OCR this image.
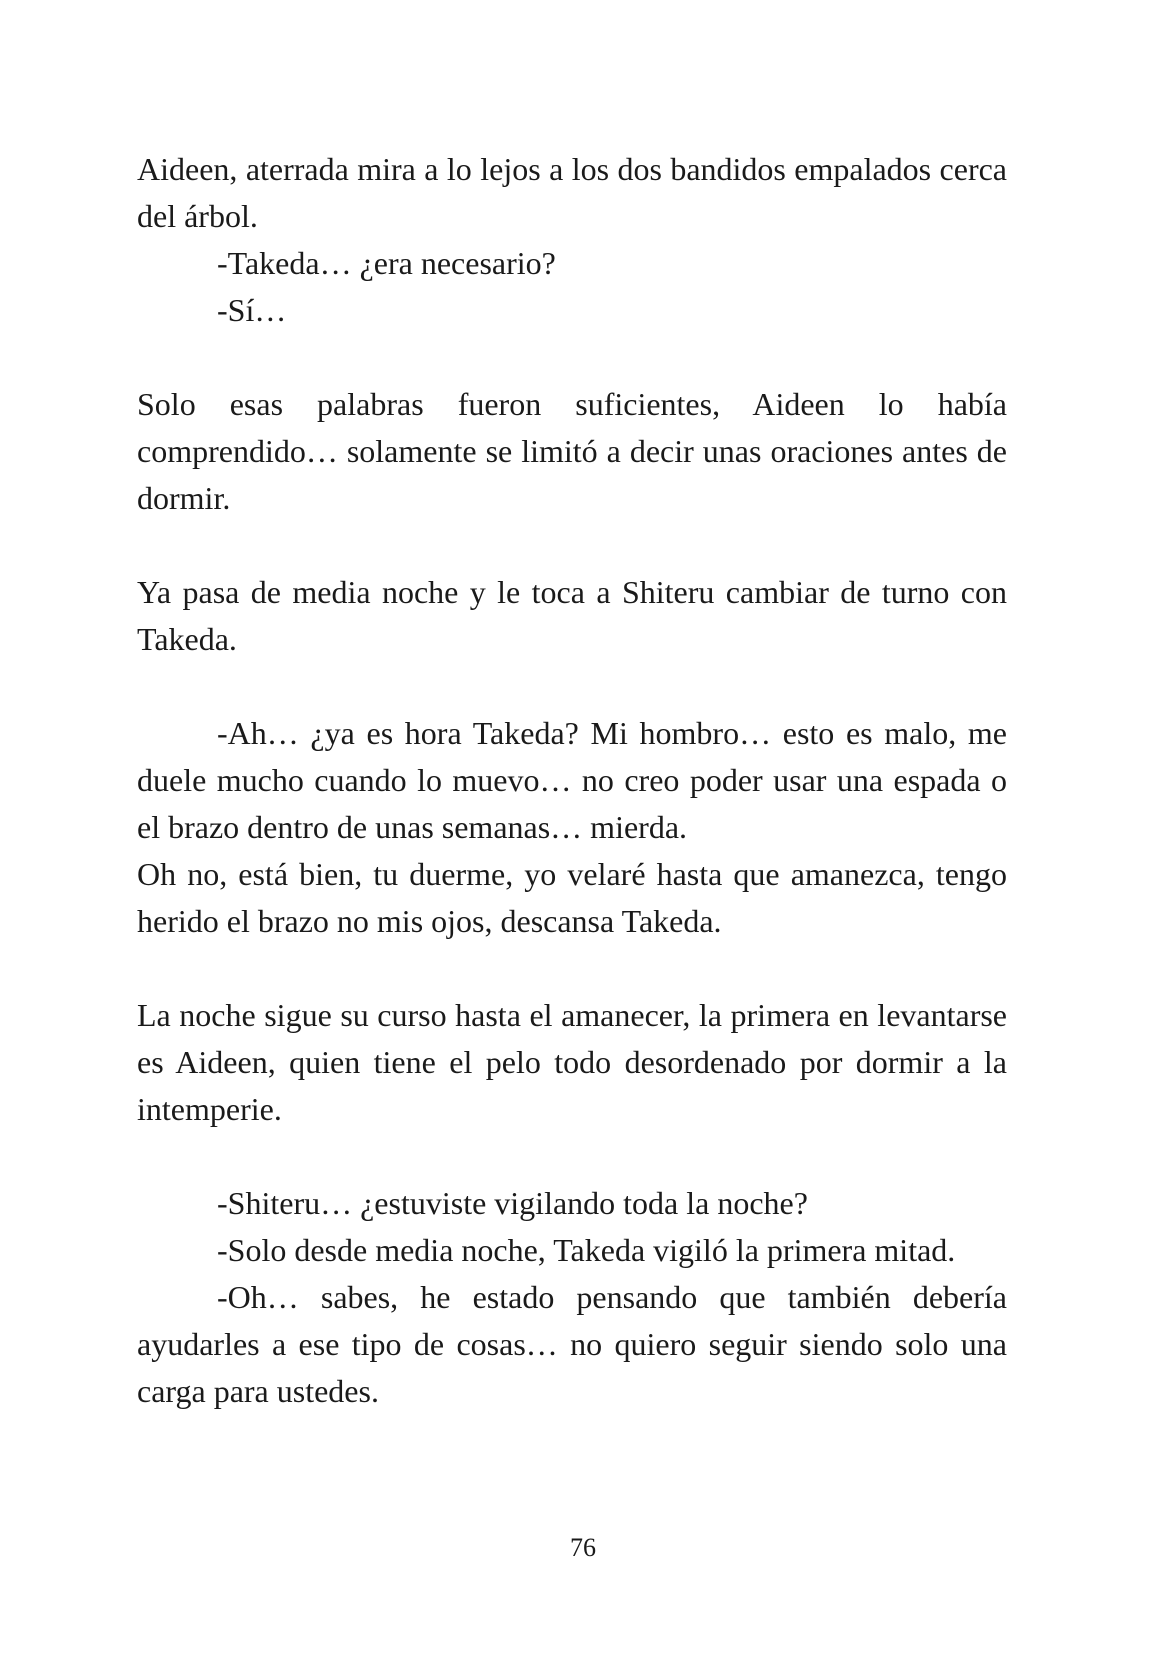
Aideen, aterrada mira a lo lejos a los dos bandidos empalados cerca del árbol.

-Takeda… ¿era necesario?

-Sí…

Solo esas palabras fueron suficientes, Aideen lo había comprendido… solamente se limitó a decir unas oraciones antes de dormir.

Ya pasa de media noche y le toca a Shiteru cambiar de turno con Takeda.

-Ah… ¿ya es hora Takeda? Mi hombro… esto es malo, me duele mucho cuando lo muevo… no creo poder usar una espada o el brazo dentro de unas semanas… mierda.

Oh no, está bien, tu duerme, yo velaré hasta que amanezca, tengo herido el brazo no mis ojos, descansa Takeda.

La noche sigue su curso hasta el amanecer, la primera en levantarse es Aideen, quien tiene el pelo todo desordenado por dormir a la intemperie.

-Shiteru… ¿estuviste vigilando toda la noche?

-Solo desde media noche, Takeda vigiló la primera mitad.

-Oh… sabes, he estado pensando que también debería ayudarles a ese tipo de cosas… no quiero seguir siendo solo una carga para ustedes.

76
